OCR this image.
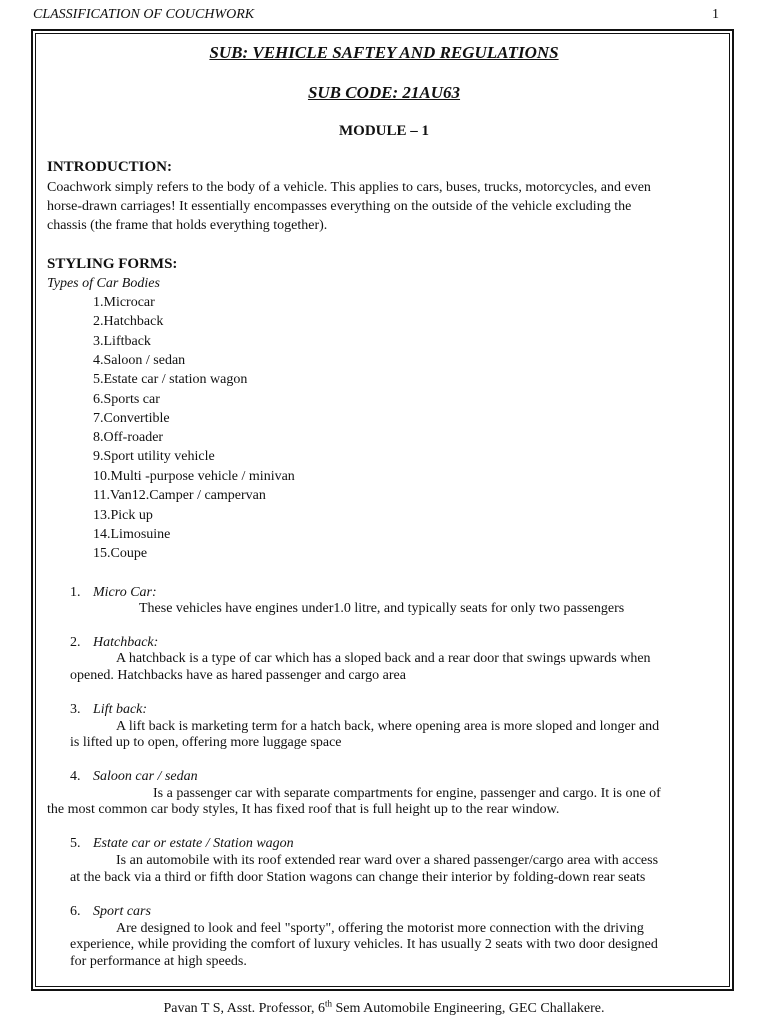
CLASSIFICATION OF COUCHWORK	1
SUB: VEHICLE SAFTEY AND REGULATIONS
SUB CODE: 21AU63
MODULE – 1
INTRODUCTION:
Coachwork simply refers to the body of a vehicle. This applies to cars, buses, trucks, motorcycles, and even
horse-drawn carriages! It essentially encompasses everything on the outside of the vehicle excluding the
chassis (the frame that holds everything together).
STYLING FORMS:
Types of Car Bodies
1.Microcar
2.Hatchback
3.Liftback
4.Saloon / sedan
5.Estate car / station wagon
6.Sports car
7.Convertible
8.Off-roader
9.Sport utility vehicle
10.Multi -purpose vehicle / minivan
11.Van12.Camper / campervan
13.Pick up
14.Limosuine
15.Coupe
1. Micro Car:
These vehicles have engines under1.0 litre, and typically seats for only two passengers
2. Hatchback:
A hatchback is a type of car which has a sloped back and a rear door that swings upwards when
opened. Hatchbacks have as hared passenger and cargo area
3. Lift back:
A lift back is marketing term for a hatch back, where opening area is more sloped and longer and
is lifted up to open, offering more luggage space
4. Saloon car / sedan
Is a passenger car with separate compartments for engine, passenger and cargo. It is one of
the most common car body styles, It has fixed roof that is full height up to the rear window.
5. Estate car or estate / Station wagon
Is an automobile with its roof extended rear ward over a shared passenger/cargo area with access
at the back via a third or fifth door Station wagons can change their interior by folding-down rear seats
6. Sport cars
Are designed to look and feel "sporty", offering the motorist more connection with the driving
experience, while providing the comfort of luxury vehicles. It has usually 2 seats with two door designed
for performance at high speeds.
Pavan T S, Asst. Professor, 6th Sem Automobile Engineering, GEC Challakere.
